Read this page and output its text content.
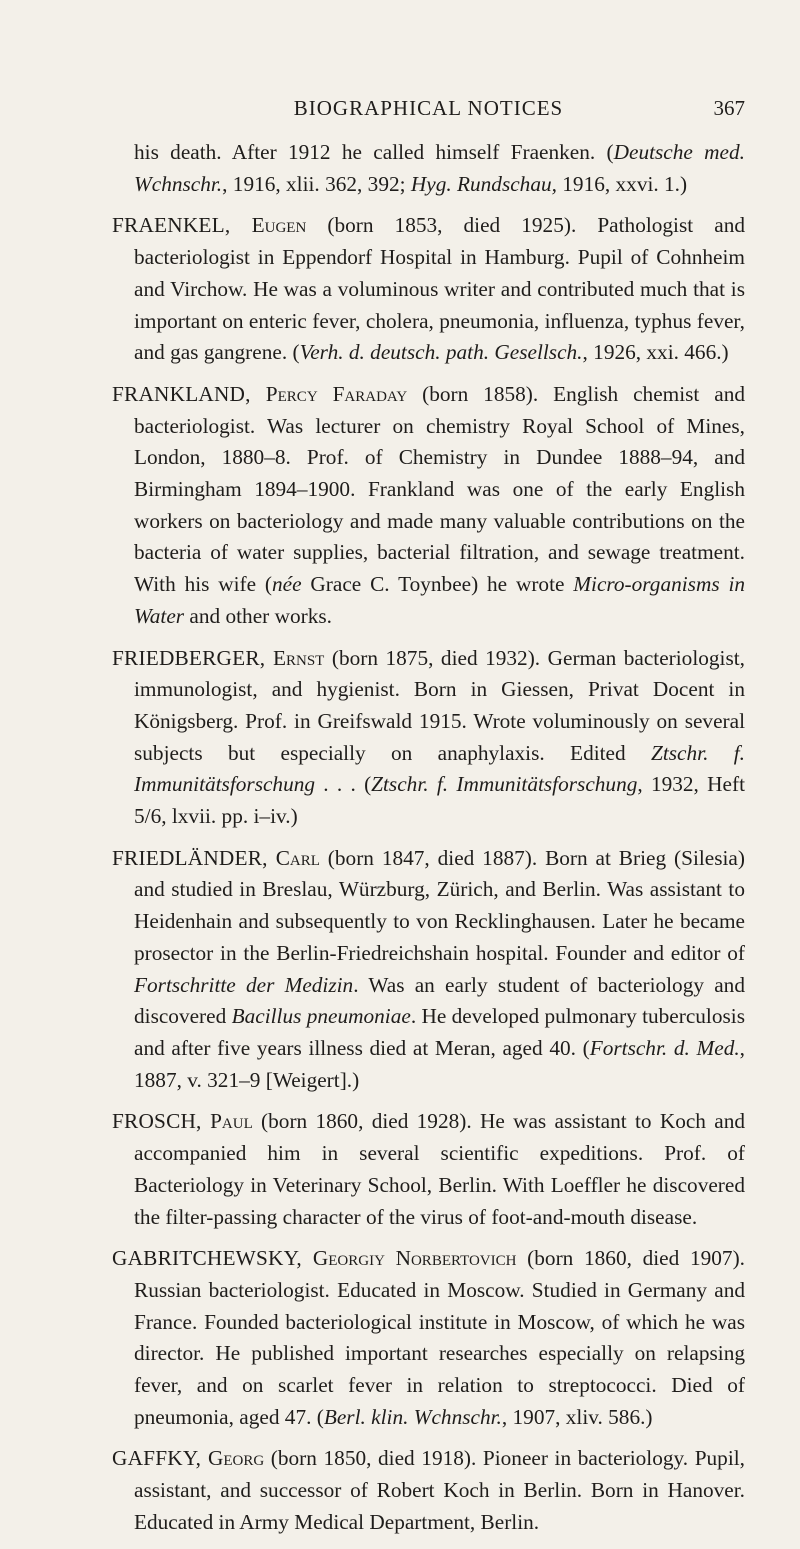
BIOGRAPHICAL NOTICES	367

his death. After 1912 he called himself Fraenken. (Deutsche med. Wchnschr., 1916, xlii. 362, 392; Hyg. Rundschau, 1916, xxvi. 1.)

FRAENKEL, Eugen (born 1853, died 1925). Pathologist and bacteriologist in Eppendorf Hospital in Hamburg. Pupil of Cohnheim and Virchow. He was a voluminous writer and contributed much that is important on enteric fever, cholera, pneumonia, influenza, typhus fever, and gas gangrene. (Verh. d. deutsch. path. Gesellsch., 1926, xxi. 466.)

FRANKLAND, Percy Faraday (born 1858). English chemist and bacteriologist. Was lecturer on chemistry Royal School of Mines, London, 1880–8. Prof. of Chemistry in Dundee 1888–94, and Birmingham 1894–1900. Frankland was one of the early English workers on bacteriology and made many valuable contributions on the bacteria of water supplies, bacterial filtration, and sewage treatment. With his wife (née Grace C. Toynbee) he wrote Micro-organisms in Water and other works.

FRIEDBERGER, Ernst (born 1875, died 1932). German bacteriologist, immunologist, and hygienist. Born in Giessen, Privat Docent in Königsberg. Prof. in Greifswald 1915. Wrote voluminously on several subjects but especially on anaphylaxis. Edited Ztschr. f. Immunitätsforschung . . . (Ztschr. f. Immunitätsforschung, 1932, Heft 5/6, lxvii. pp. i–iv.)

FRIEDLÄNDER, Carl (born 1847, died 1887). Born at Brieg (Silesia) and studied in Breslau, Würzburg, Zürich, and Berlin. Was assistant to Heidenhain and subsequently to von Recklinghausen. Later he became prosector in the Berlin-Friedreichshain hospital. Founder and editor of Fortschritte der Medizin. Was an early student of bacteriology and discovered Bacillus pneumoniae. He developed pulmonary tuberculosis and after five years illness died at Meran, aged 40. (Fortschr. d. Med., 1887, v. 321–9 [Weigert].)

FROSCH, Paul (born 1860, died 1928). He was assistant to Koch and accompanied him in several scientific expeditions. Prof. of Bacteriology in Veterinary School, Berlin. With Loeffler he discovered the filter-passing character of the virus of foot-and-mouth disease.

GABRITCHEWSKY, Georgiy Norbertovich (born 1860, died 1907). Russian bacteriologist. Educated in Moscow. Studied in Germany and France. Founded bacteriological institute in Moscow, of which he was director. He published important researches especially on relapsing fever, and on scarlet fever in relation to streptococci. Died of pneumonia, aged 47. (Berl. klin. Wchnschr., 1907, xliv. 586.)

GAFFKY, Georg (born 1850, died 1918). Pioneer in bacteriology. Pupil, assistant, and successor of Robert Koch in Berlin. Born in Hanover. Educated in Army Medical Department, Berlin.
